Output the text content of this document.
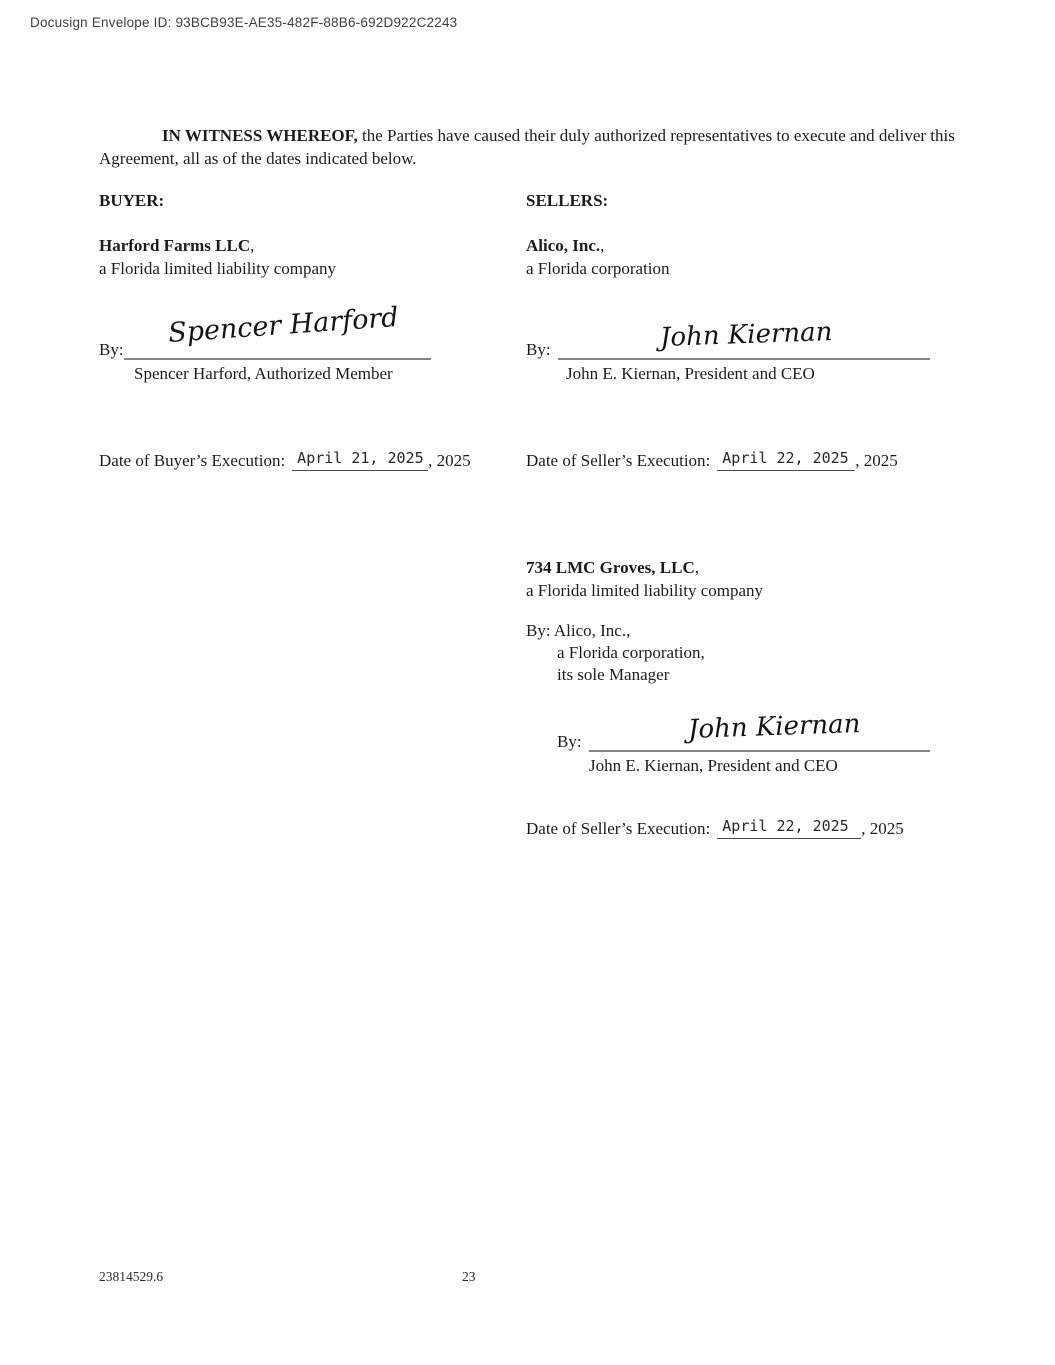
Docusign Envelope ID: 93BCB93E-AE35-482F-88B6-692D922C2243

IN WITNESS WHEREOF, the Parties have caused their duly authorized representatives to execute and deliver this Agreement, all as of the dates indicated below.

BUYER:	SELLERS:
Harford Farms LLC,
a Florida limited liability company
Alico, Inc.,
a Florida corporation
Spencer Harford
By:
Spencer Harford, Authorized Member
John Kiernan
By:
John E. Kiernan, President and CEO
Date of Buyer’s Execution: April 21, 2025 , 2025	Date of Seller’s Execution: April 22, 2025 , 2025
734 LMC Groves, LLC,
a Florida limited liability company
By: Alico, Inc.,
a Florida corporation,
its sole Manager
John Kiernan
By:
John E. Kiernan, President and CEO
Date of Seller’s Execution: April 22, 2025 , 2025
23814529.6	23
